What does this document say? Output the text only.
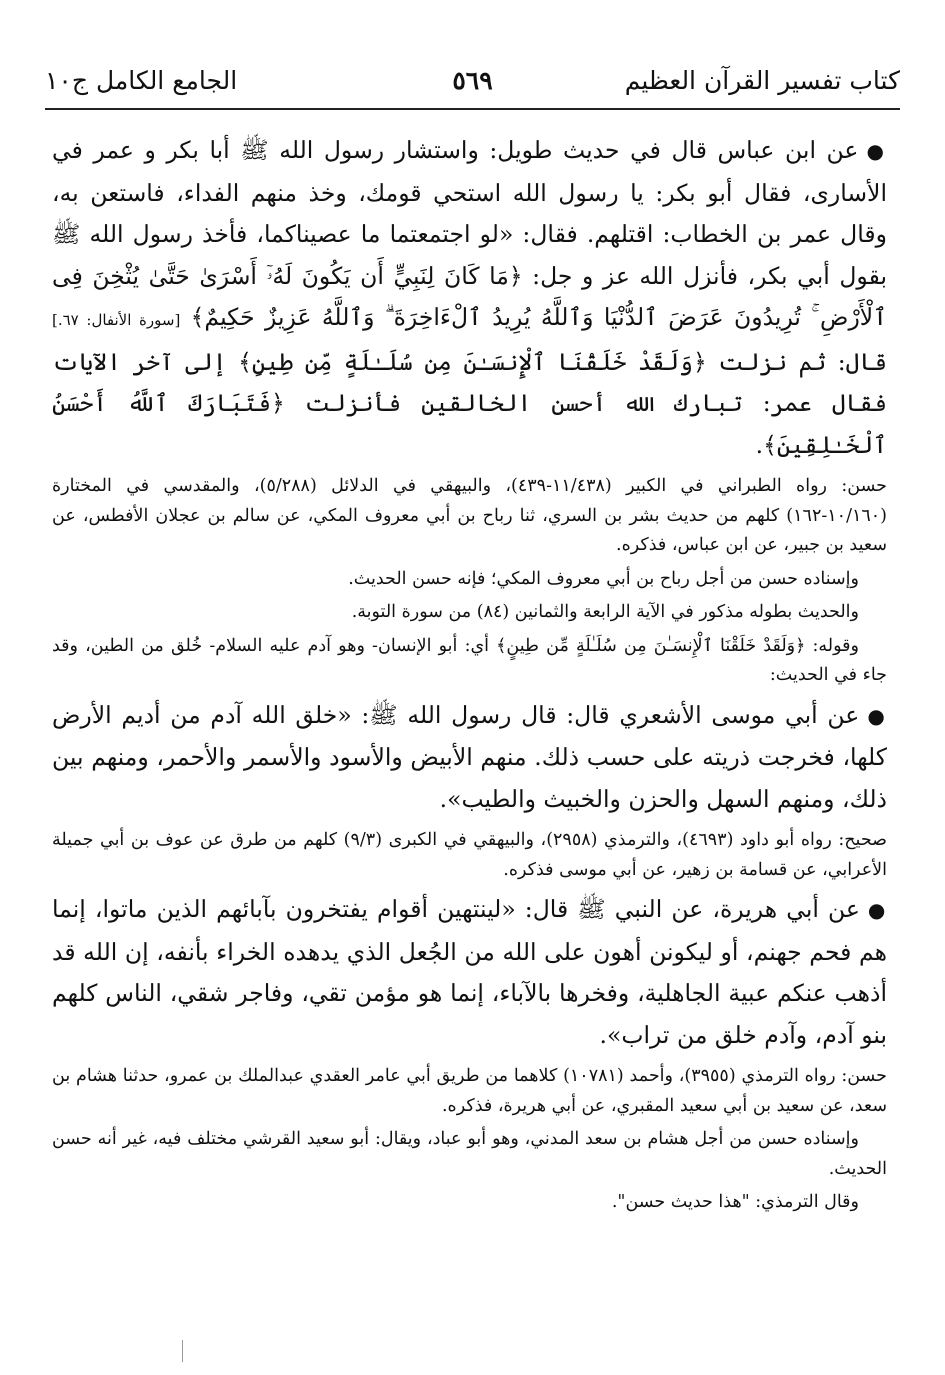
كتاب تفسير القرآن العظيم
٥٦٩
الجامع الكامل ج١٠

●عن ابن عباس قال في حديث طويل: واستشار رسول الله ﷺ أبا بكر و عمر في الأسارى، فقال أبو بكر: يا رسول الله استحي قومك، وخذ منهم الفداء، فاستعن به، وقال عمر بن الخطاب: اقتلهم. فقال: «لو اجتمعتما ما عصيناكما، فأخذ رسول الله ﷺ بقول أبي بكر، فأنزل الله عز و جل: ﴿مَا كَانَ لِنَبِيٍّ أَن يَكُونَ لَهُۥٓ أَسْرَىٰ حَتَّىٰ يُثْخِنَ فِى ٱلْأَرْضِ ۚ تُرِيدُونَ عَرَضَ ٱلدُّنْيَا وَٱللَّهُ يُرِيدُ ٱلْءَاخِرَةَ ۗ وَٱللَّهُ عَزِيزٌ حَكِيمٌ﴾ [سورة الأنفال: ٦٧.] قال: ثم نزلت ﴿وَلَقَدْ خَلَقْنَا ٱلْإِنسَـٰنَ مِن سُلَـٰلَةٍ مِّن طِينٍ﴾ إلى آخر الآيات فقال عمر: تبارك الله أحسن الخالقين فأنزلت ﴿فَتَبَارَكَ ٱللَّهُ أَحْسَنُ ٱلْخَـٰلِقِينَ﴾.

حسن: رواه الطبراني في الكبير (١١/٤٣٨-٤٣٩)، والبيهقي في الدلائل (٥/٢٨٨)، والمقدسي في المختارة (١٠/١٦٠-١٦٢) كلهم من حديث بشر بن السري، ثنا رباح بن أبي معروف المكي، عن سالم بن عجلان الأفطس، عن سعيد بن جبير، عن ابن عباس، فذكره.

وإسناده حسن من أجل رباح بن أبي معروف المكي؛ فإنه حسن الحديث.

والحديث بطوله مذكور في الآية الرابعة والثمانين (٨٤) من سورة التوبة.

وقوله: ﴿وَلَقَدْ خَلَقْنَا ٱلْإِنسَـٰنَ مِن سُلَـٰلَةٍ مِّن طِينٍ﴾ أي: أبو الإنسان- وهو آدم عليه السلام- خُلق من الطين، وقد جاء في الحديث:

●عن أبي موسى الأشعري قال: قال رسول الله ﷺ: «خلق الله آدم من أديم الأرض كلها، فخرجت ذريته على حسب ذلك. منهم الأبيض والأسود والأسمر والأحمر، ومنهم بين ذلك، ومنهم السهل والحزن والخبيث والطيب».

صحيح: رواه أبو داود (٤٦٩٣)، والترمذي (٢٩٥٨)، والبيهقي في الكبرى (٩/٣) كلهم من طرق عن عوف بن أبي جميلة الأعرابي، عن قسامة بن زهير، عن أبي موسى فذكره.

●عن أبي هريرة، عن النبي ﷺ قال: «لينتهين أقوام يفتخرون بآبائهم الذين ماتوا، إنما هم فحم جهنم، أو ليكونن أهون على الله من الجُعل الذي يدهده الخراء بأنفه، إن الله قد أذهب عنكم عبية الجاهلية، وفخرها بالآباء، إنما هو مؤمن تقي، وفاجر شقي، الناس كلهم بنو آدم، وآدم خلق من تراب».

حسن: رواه الترمذي (٣٩٥٥)، وأحمد (١٠٧٨١) كلاهما من طريق أبي عامر العقدي عبدالملك بن عمرو، حدثنا هشام بن سعد، عن سعيد بن أبي سعيد المقبري، عن أبي هريرة، فذكره.

وإسناده حسن من أجل هشام بن سعد المدني، وهو أبو عباد، ويقال: أبو سعيد القرشي مختلف فيه، غير أنه حسن الحديث.

وقال الترمذي: "هذا حديث حسن".
